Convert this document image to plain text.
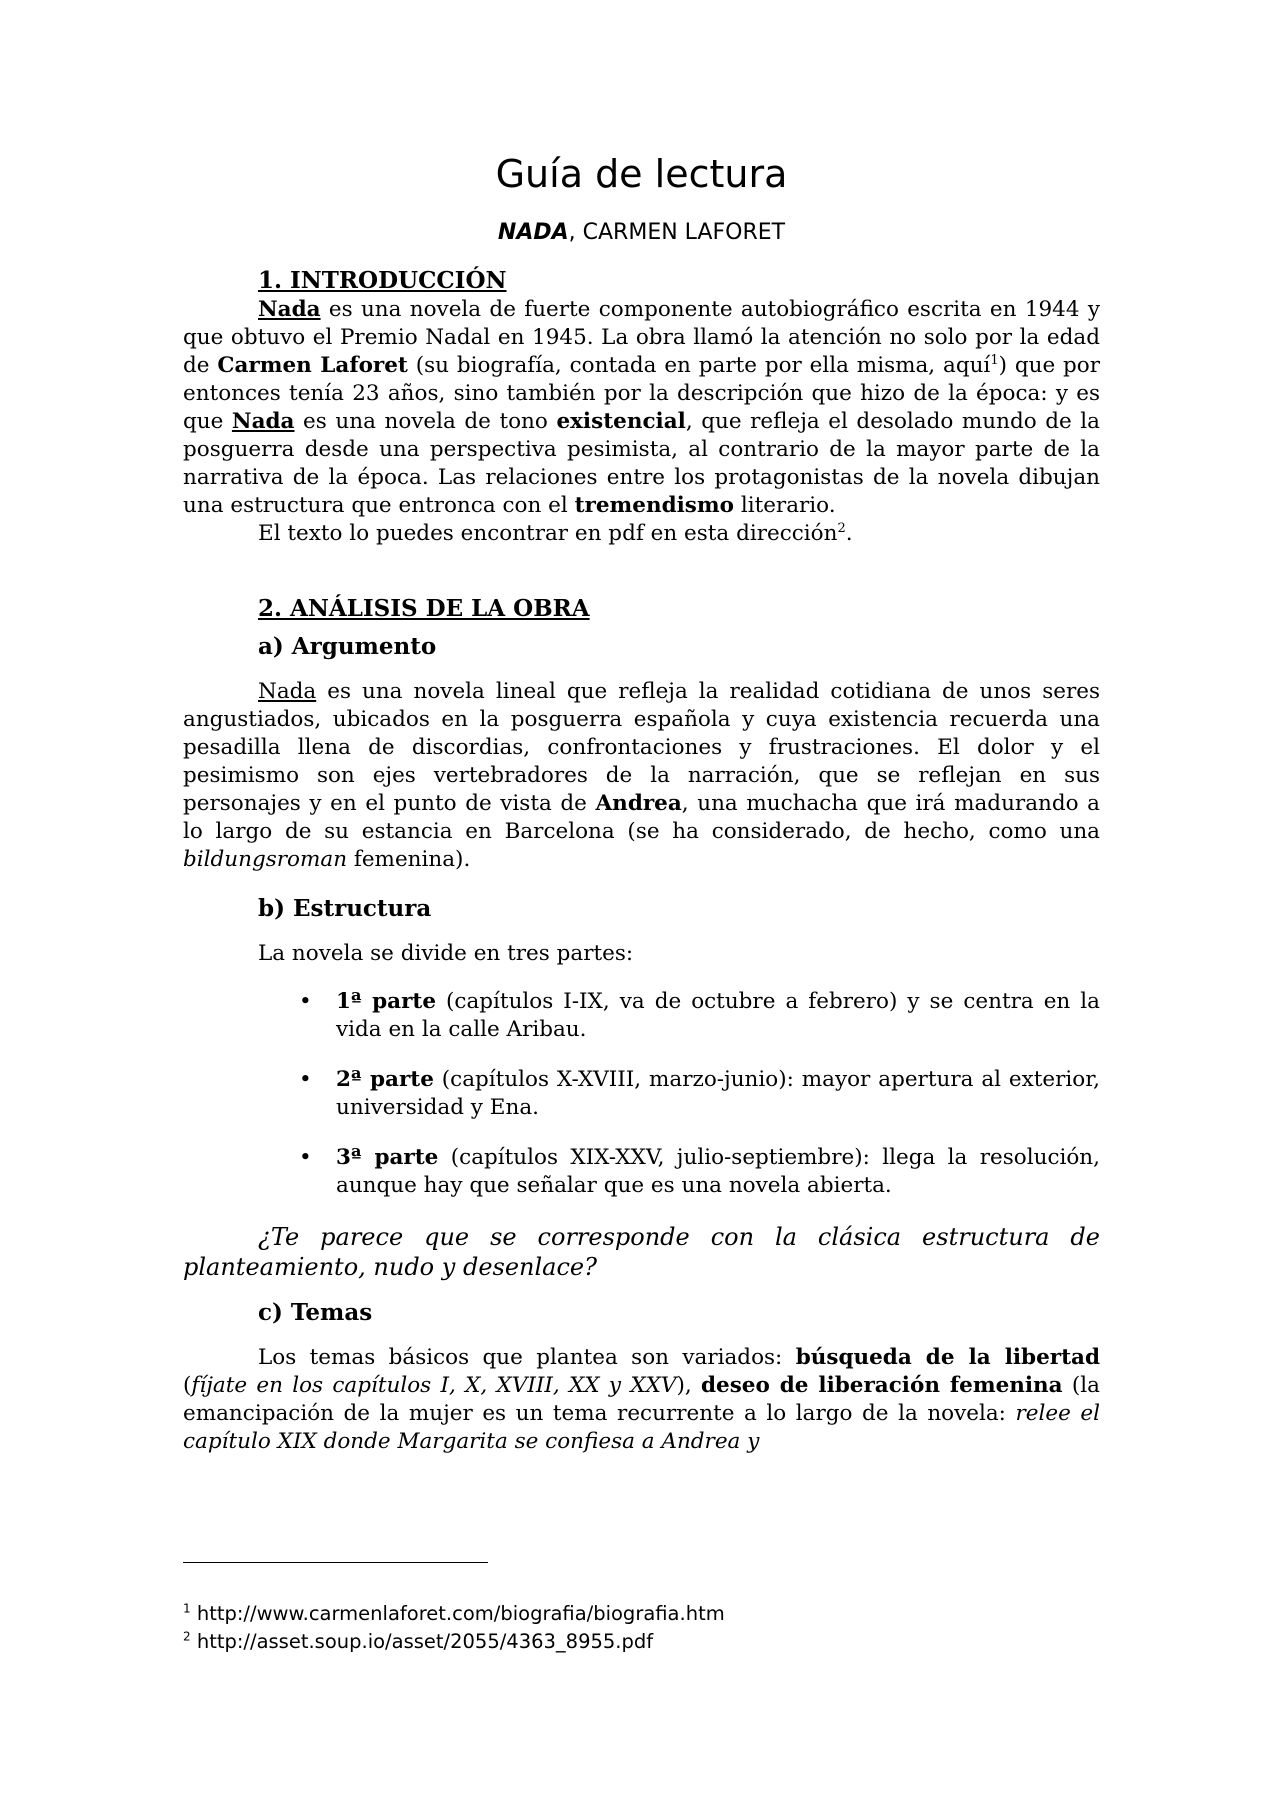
Guía de lectura
NADA, CARMEN LAFORET
1. INTRODUCCIÓN

Nada es una novela de fuerte componente autobiográfico escrita en 1944 y que obtuvo el Premio Nadal en 1945. La obra llamó la atención no solo por la edad de Carmen Laforet (su biografía, contada en parte por ella misma, aquí$^1$) que por entonces tenía 23 años, sino también por la descripción que hizo de la época: y es que Nada es una novela de tono existencial, que refleja el desolado mundo de la posguerra desde una perspectiva pesimista, al contrario de la mayor parte de la narrativa de la época. Las relaciones entre los protagonistas de la novela dibujan una estructura que entronca con el tremendismo literario.

El texto lo puedes encontrar en pdf en esta dirección$^2$.

2. ANÁLISIS DE LA OBRA
a) Argumento

Nada es una novela lineal que refleja la realidad cotidiana de unos seres angustiados, ubicados en la posguerra española y cuya existencia recuerda una pesadilla llena de discordias, confrontaciones y frustraciones. El dolor y el pesimismo son ejes vertebradores de la narración, que se reflejan en sus personajes y en el punto de vista de Andrea, una muchacha que irá madurando a lo largo de su estancia en Barcelona (se ha considerado, de hecho, como una bildungsroman femenina).

b) Estructura

La novela se divide en tres partes:

• 1ª parte (capítulos I-IX, va de octubre a febrero) y se centra en la vida en la calle Aribau.
• 2ª parte (capítulos X-XVIII, marzo-junio): mayor apertura al exterior, universidad y Ena.
• 3ª parte (capítulos XIX-XXV, julio-septiembre): llega la resolución, aunque hay que señalar que es una novela abierta.

¿Te parece que se corresponde con la clásica estructura de planteamiento, nudo y desenlace?

c) Temas

Los temas básicos que plantea son variados: búsqueda de la libertad (fíjate en los capítulos I, X, XVIII, XX y XXV), deseo de liberación femenina (la emancipación de la mujer es un tema recurrente a lo largo de la novela: relee el capítulo XIX donde Margarita se confiesa a Andrea y

$^1$ http://www.carmenlaforet.com/biografia/biografia.htm
$^2$ http://asset.soup.io/asset/2055/4363_8955.pdf
